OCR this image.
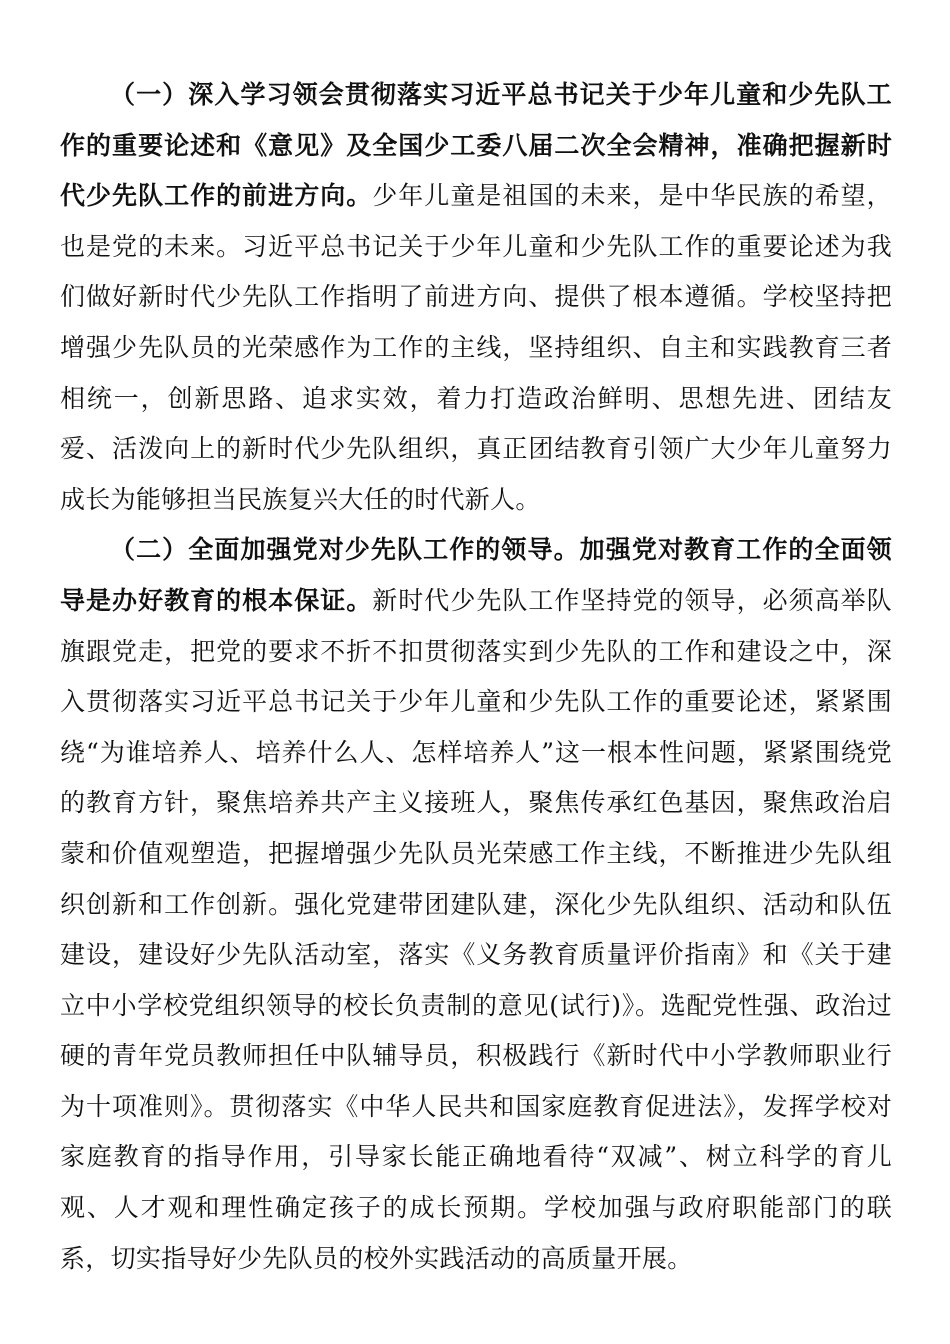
（一）深入学习领会贯彻落实习近平总书记关于少年儿童和少先队工作的重要论述和《意见》及全国少工委八届二次全会精神，准确把握新时代少先队工作的前进方向。少年儿童是祖国的未来，是中华民族的希望，也是党的未来。习近平总书记关于少年儿童和少先队工作的重要论述为我们做好新时代少先队工作指明了前进方向、提供了根本遵循。学校坚持把增强少先队员的光荣感作为工作的主线，坚持组织、自主和实践教育三者相统一，创新思路、追求实效，着力打造政治鲜明、思想先进、团结友爱、活泼向上的新时代少先队组织，真正团结教育引领广大少年儿童努力成长为能够担当民族复兴大任的时代新人。

（二）全面加强党对少先队工作的领导。加强党对教育工作的全面领导是办好教育的根本保证。新时代少先队工作坚持党的领导，必须高举队旗跟党走，把党的要求不折不扣贯彻落实到少先队的工作和建设之中，深入贯彻落实习近平总书记关于少年儿童和少先队工作的重要论述，紧紧围绕“为谁培养人、培养什么人、怎样培养人”这一根本性问题，紧紧围绕党的教育方针，聚焦培养共产主义接班人，聚焦传承红色基因，聚焦政治启蒙和价值观塑造，把握增强少先队员光荣感工作主线，不断推进少先队组织创新和工作创新。强化党建带团建队建，深化少先队组织、活动和队伍建设，建设好少先队活动室，落实《义务教育质量评价指南》和《关于建立中小学校党组织领导的校长负责制的意见(试行)》。选配党性强、政治过硬的青年党员教师担任中队辅导员，积极践行《新时代中小学教师职业行为十项准则》。贯彻落实《中华人民共和国家庭教育促进法》，发挥学校对家庭教育的指导作用，引导家长能正确地看待“双减”、树立科学的育儿观、人才观和理性确定孩子的成长预期。学校加强与政府职能部门的联系，切实指导好少先队员的校外实践活动的高质量开展。
